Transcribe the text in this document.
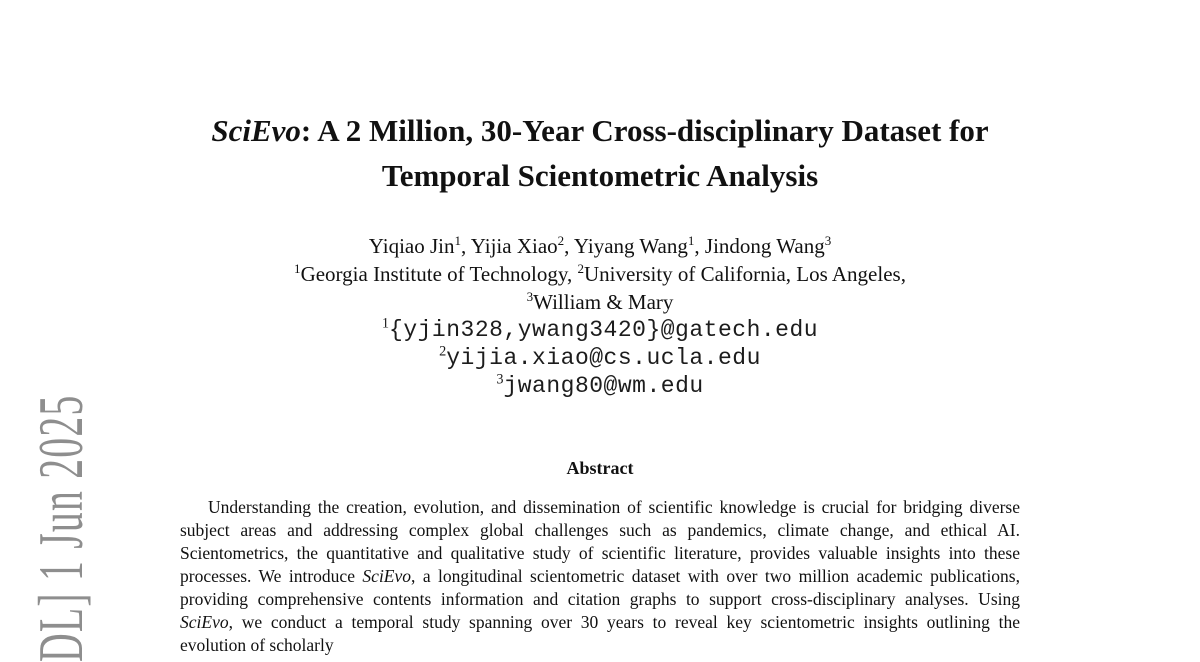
DL] 1 Jun 2025
SciEvo: A 2 Million, 30-Year Cross-disciplinary Dataset for
Temporal Scientometric Analysis
Yiqiao Jin$^1$, Yijia Xiao$^2$, Yiyang Wang$^1$, Jindong Wang$^3$
$^1$Georgia Institute of Technology, $^2$University of California, Los Angeles,
$^3$William & Mary
$^1${yjin328,ywang3420}@gatech.edu
$^2$yijia.xiao@cs.ucla.edu
$^3$jwang80@wm.edu
Abstract

Understanding the creation, evolution, and dissemination of scientific knowledge is crucial for bridging diverse subject areas and addressing complex global challenges such as pandemics, climate change, and ethical AI. Scientometrics, the quantitative and qualitative study of scientific literature, provides valuable insights into these processes. We introduce SciEvo, a longitudinal scientometric dataset with over two million academic publications, providing comprehensive contents information and citation graphs to support cross-disciplinary analyses. Using SciEvo, we conduct a temporal study spanning over 30 years to reveal key scientometric insights outlining the evolution of scholarly
